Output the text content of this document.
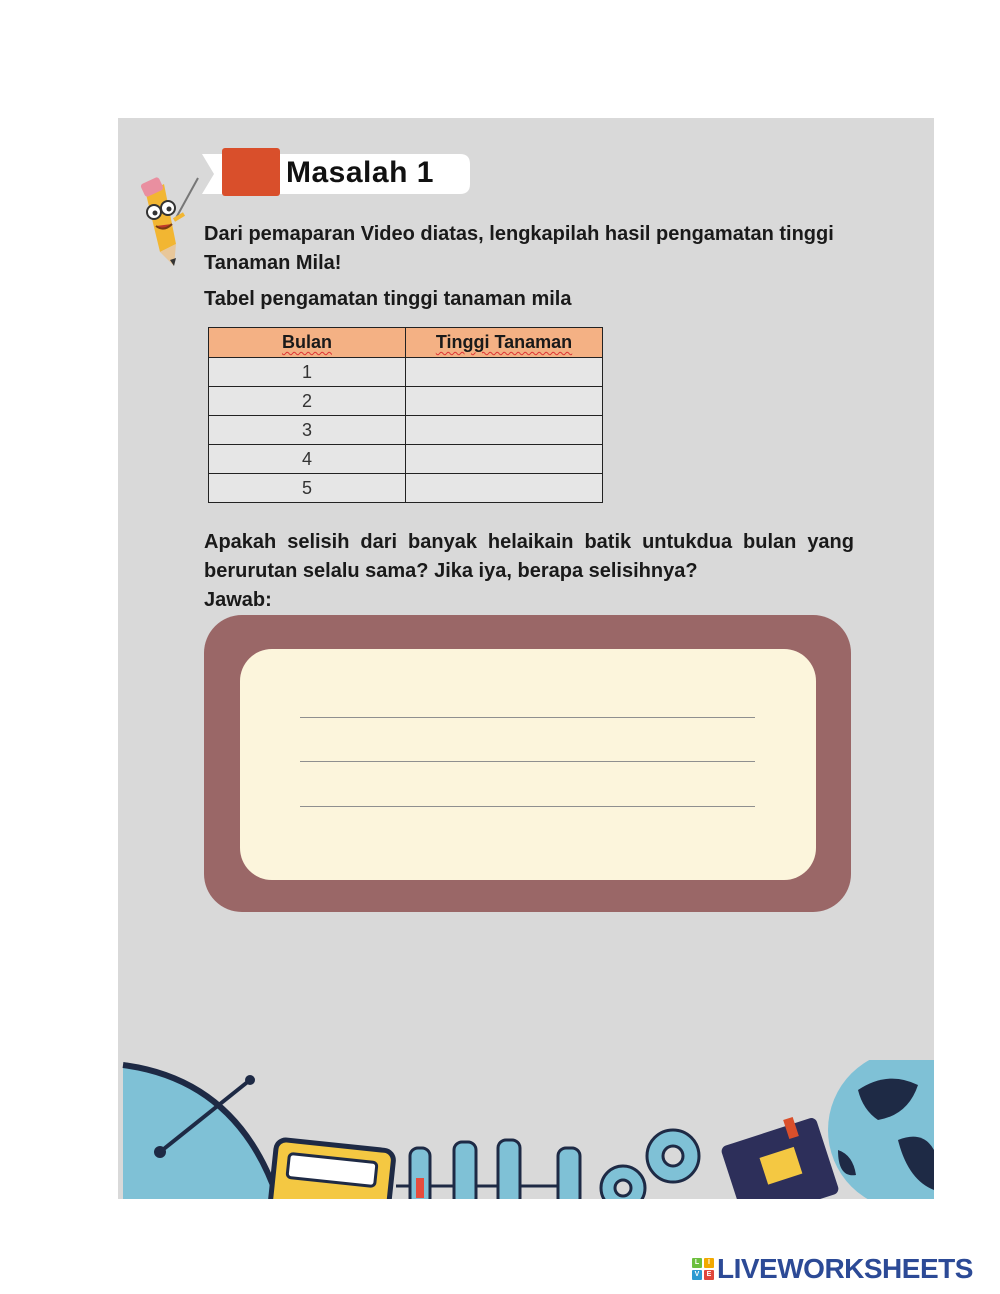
Masalah 1
Dari pemaparan Video diatas, lengkapilah hasil pengamatan tinggi Tanaman Mila!
Tabel pengamatan tinggi tanaman mila
Bulan	Tinggi Tanaman
1	
2	
3	
4	
5	
Apakah selisih dari banyak helaikain batik untukdua bulan yang berurutan selalu sama? Jika iya, berapa selisihnya?
Jawab:
L	I
V	E LIVEWORKSHEETS
